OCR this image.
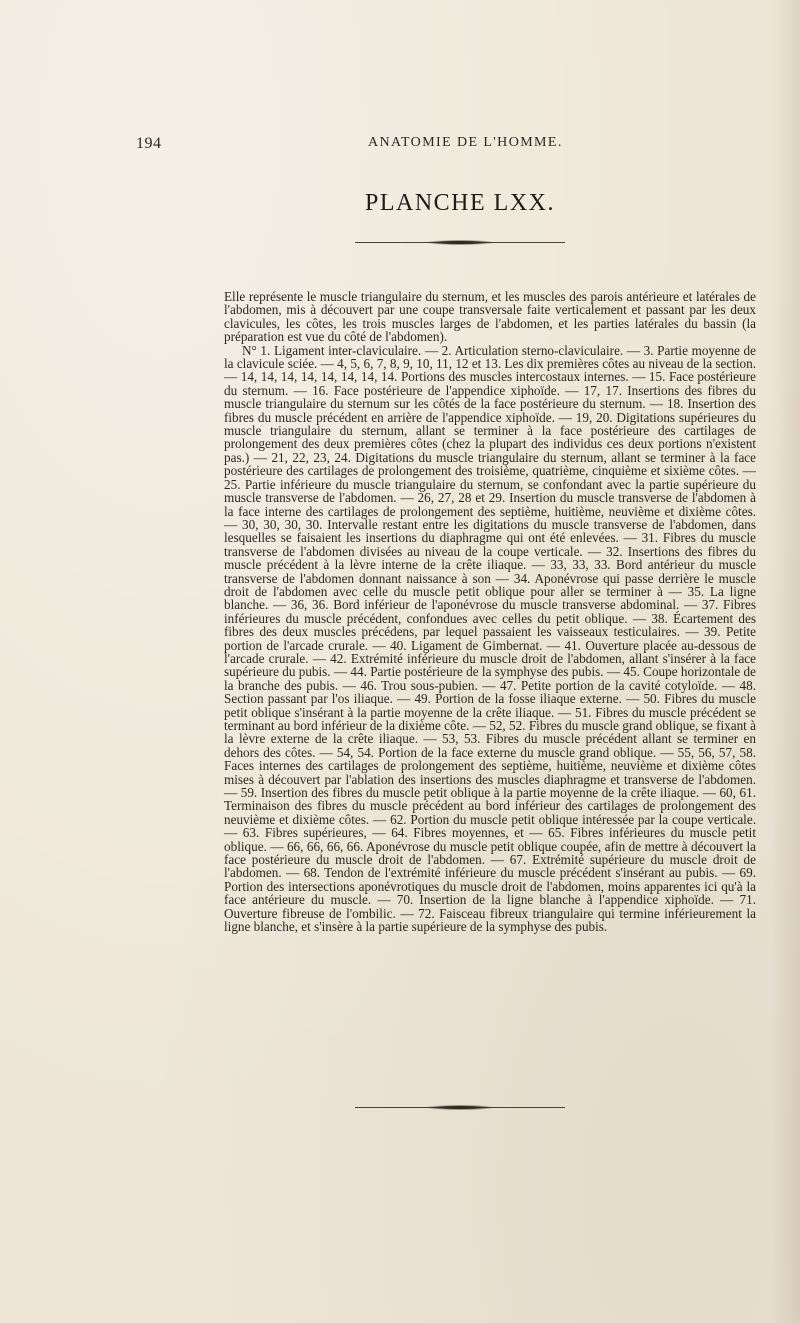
194	ANATOMIE DE L'HOMME.
PLANCHE LXX.

Elle représente le muscle triangulaire du sternum, et les muscles des parois antérieure et latérales de l'abdomen, mis à découvert par une coupe transversale faite verticalement et passant par les deux clavicules, les côtes, les trois muscles larges de l'abdomen, et les parties latérales du bassin (la préparation est vue du côté de l'abdomen).

N° 1. Ligament inter-claviculaire. — 2. Articulation sterno-claviculaire. — 3. Partie moyenne de la clavicule sciée. — 4, 5, 6, 7, 8, 9, 10, 11, 12 et 13. Les dix premières côtes au niveau de la section. — 14, 14, 14, 14, 14, 14, 14, 14. Portions des muscles intercostaux internes. — 15. Face postérieure du sternum. — 16. Face postérieure de l'appendice xiphoïde. — 17, 17. Insertions des fibres du muscle triangulaire du sternum sur les côtés de la face postérieure du sternum. — 18. Insertion des fibres du muscle précédent en arrière de l'appendice xiphoïde. — 19, 20. Digitations supérieures du muscle triangulaire du sternum, allant se terminer à la face postérieure des cartilages de prolongement des deux premières côtes (chez la plupart des individus ces deux portions n'existent pas.) — 21, 22, 23, 24. Digitations du muscle triangulaire du sternum, allant se terminer à la face postérieure des cartilages de prolongement des troisième, quatrième, cinquième et sixième côtes. — 25. Partie inférieure du muscle triangulaire du sternum, se confondant avec la partie supérieure du muscle transverse de l'abdomen. — 26, 27, 28 et 29. Insertion du muscle transverse de l'abdomen à la face interne des cartilages de prolongement des septième, huitième, neuvième et dixième côtes. — 30, 30, 30, 30. Intervalle restant entre les digitations du muscle transverse de l'abdomen, dans lesquelles se faisaient les insertions du diaphragme qui ont été enlevées. — 31. Fibres du muscle transverse de l'abdomen divisées au niveau de la coupe verticale. — 32. Insertions des fibres du muscle précédent à la lèvre interne de la crête iliaque. — 33, 33, 33. Bord antérieur du muscle transverse de l'abdomen donnant naissance à son — 34. Aponévrose qui passe derrière le muscle droit de l'abdomen avec celle du muscle petit oblique pour aller se terminer à — 35. La ligne blanche. — 36, 36. Bord inférieur de l'aponévrose du muscle transverse abdominal. — 37. Fibres inférieures du muscle précédent, confondues avec celles du petit oblique. — 38. Écartement des fibres des deux muscles précédens, par lequel passaient les vaisseaux testiculaires. — 39. Petite portion de l'arcade crurale. — 40. Ligament de Gimbernat. — 41. Ouverture placée au-dessous de l'arcade crurale. — 42. Extrémité inférieure du muscle droit de l'abdomen, allant s'insérer à la face supérieure du pubis. — 44. Partie postérieure de la symphyse des pubis. — 45. Coupe horizontale de la branche des pubis. — 46. Trou sous-pubien. — 47. Petite portion de la cavité cotyloïde. — 48. Section passant par l'os iliaque. — 49. Portion de la fosse iliaque externe. — 50. Fibres du muscle petit oblique s'insérant à la partie moyenne de la crête iliaque. — 51. Fibres du muscle précédent se terminant au bord inférieur de la dixième côte. — 52, 52. Fibres du muscle grand oblique, se fixant à la lèvre externe de la crête iliaque. — 53, 53. Fibres du muscle précédent allant se terminer en dehors des côtes. — 54, 54. Portion de la face externe du muscle grand oblique. — 55, 56, 57, 58. Faces internes des cartilages de prolongement des septième, huitième, neuvième et dixième côtes mises à découvert par l'ablation des insertions des muscles diaphragme et transverse de l'abdomen. — 59. Insertion des fibres du muscle petit oblique à la partie moyenne de la crête iliaque. — 60, 61. Terminaison des fibres du muscle précédent au bord inférieur des cartilages de prolongement des neuvième et dixième côtes. — 62. Portion du muscle petit oblique intéressée par la coupe verticale. — 63. Fibres supérieures, — 64. Fibres moyennes, et — 65. Fibres inférieures du muscle petit oblique. — 66, 66, 66, 66. Aponévrose du muscle petit oblique coupée, afin de mettre à découvert la face postérieure du muscle droit de l'abdomen. — 67. Extrémité supérieure du muscle droit de l'abdomen. — 68. Tendon de l'extrémité inférieure du muscle précédent s'insérant au pubis. — 69. Portion des intersections aponévrotiques du muscle droit de l'abdomen, moins apparentes ici qu'à la face antérieure du muscle. — 70. Insertion de la ligne blanche à l'appendice xiphoïde. — 71. Ouverture fibreuse de l'ombilic. — 72. Faisceau fibreux triangulaire qui termine inférieurement la ligne blanche, et s'insère à la partie supérieure de la symphyse des pubis.
